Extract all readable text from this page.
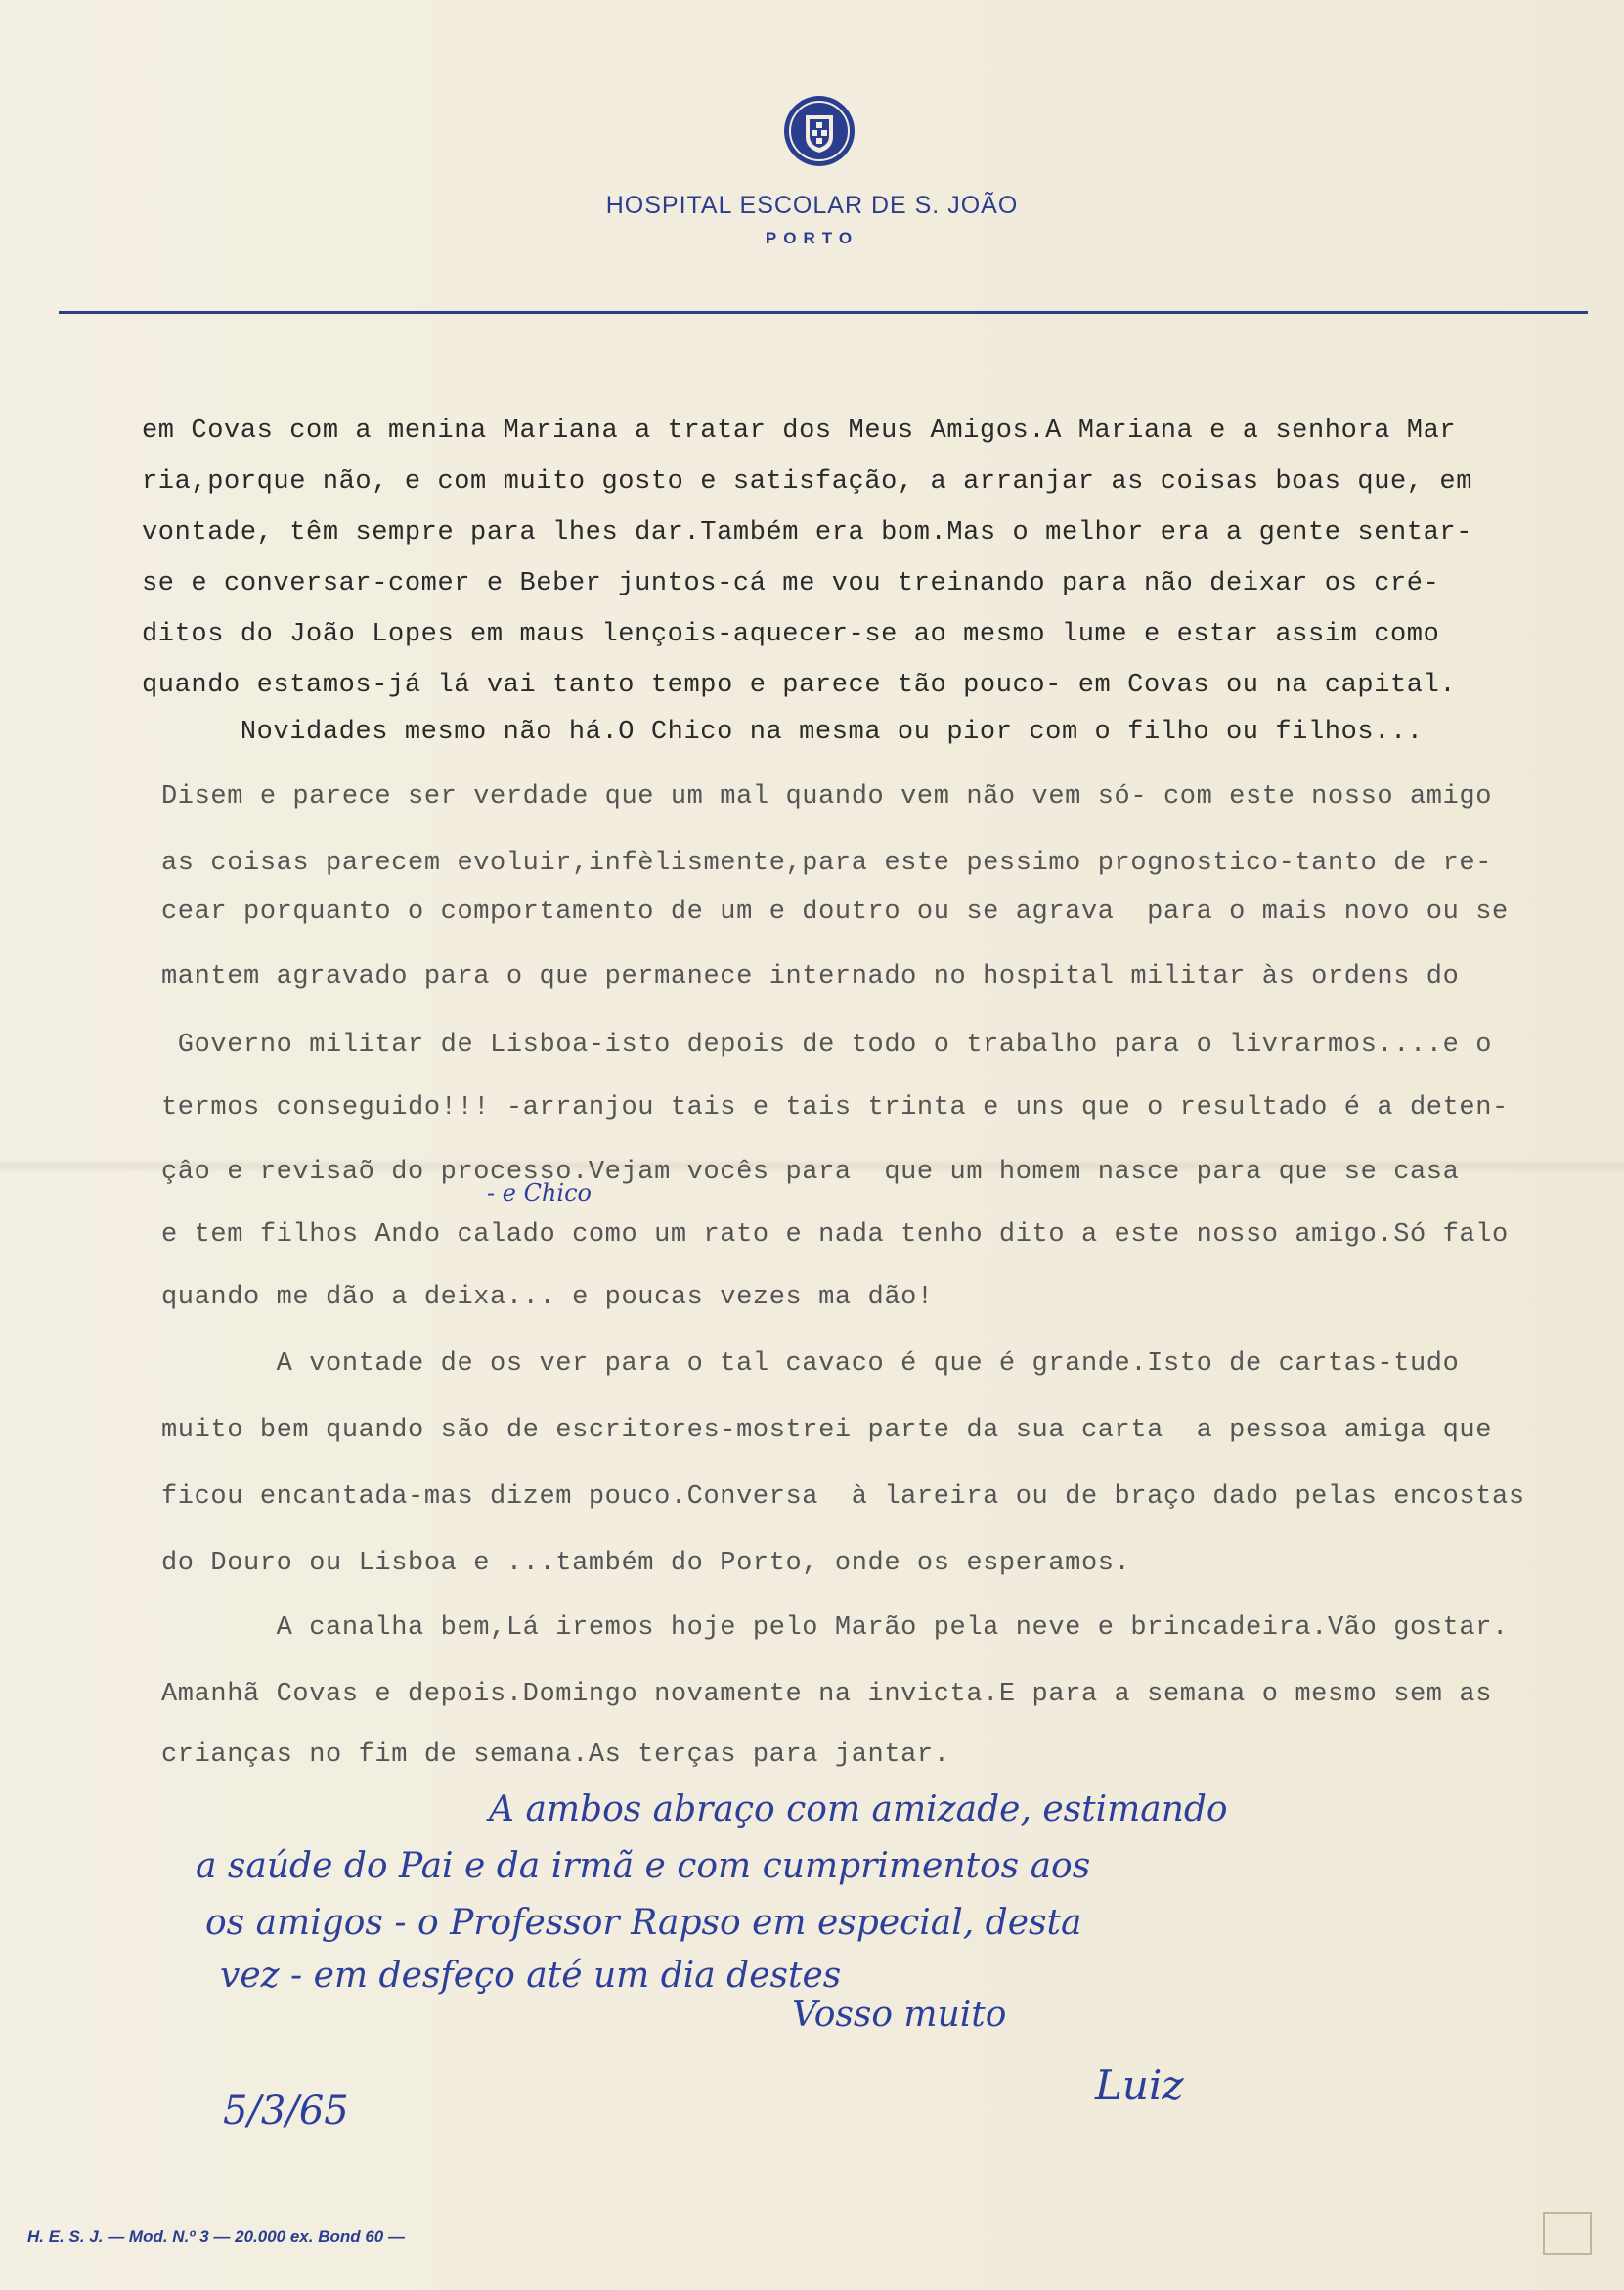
HOSPITAL ESCOLAR DE S. JOÃO
PORTO
em Covas com a menina Mariana a tratar dos Meus Amigos.A Mariana e a senhora Mar
ria,porque não, e com muito gosto e satisfação, a arranjar as coisas boas que, em
vontade, têm sempre para lhes dar.Também era bom.Mas o melhor era a gente sentar-
se e conversar-comer e Beber juntos-cá me vou treinando para não deixar os cré-
ditos do João Lopes em maus lençois-aquecer-se ao mesmo lume e estar assim como
quando estamos-já lá vai tanto tempo e parece tão pouco- em Covas ou na capital.
Novidades mesmo não há.O Chico na mesma ou pior com o filho ou filhos...
Disem e parece ser verdade que um mal quando vem não vem só- com este nosso amigo
as coisas parecem evoluir,infèlismente,para este pessimo prognostico-tanto de re-
cear porquanto o comportamento de um e doutro ou se agrava  para o mais novo ou se
mantem agravado para o que permanece internado no hospital militar às ordens do
Governo militar de Lisboa-isto depois de todo o trabalho para o livrarmos....e o
termos conseguido!!! -arranjou tais e tais trinta e uns que o resultado é a deten-
çâo e revisaõ do processo.Vejam vocês para  que um homem nasce para que se casa
- e Chico
e tem filhos Ando calado como um rato e nada tenho dito a este nosso amigo.Só falo
quando me dão a deixa... e poucas vezes ma dão!
A vontade de os ver para o tal cavaco é que é grande.Isto de cartas-tudo
muito bem quando são de escritores-mostrei parte da sua carta  a pessoa amiga que
ficou encantada-mas dizem pouco.Conversa  à lareira ou de braço dado pelas encostas
do Douro ou Lisboa e ...também do Porto, onde os esperamos.
A canalha bem,Lá iremos hoje pelo Marão pela neve e brincadeira.Vão gostar.
Amanhã Covas e depois.Domingo novamente na invicta.E para a semana o mesmo sem as
crianças no fim de semana.As terças para jantar.
A ambos abraço com amizade, estimando
a saúde do Pai e da irmã e com cumprimentos aos
os amigos - o Professor Rapso em especial, desta
vez - em desfeço até um dia destes
Vosso muito
Luiz
5/3/65
H. E. S. J. — Mod. N.º 3 — 20.000 ex. Bond 60 —
